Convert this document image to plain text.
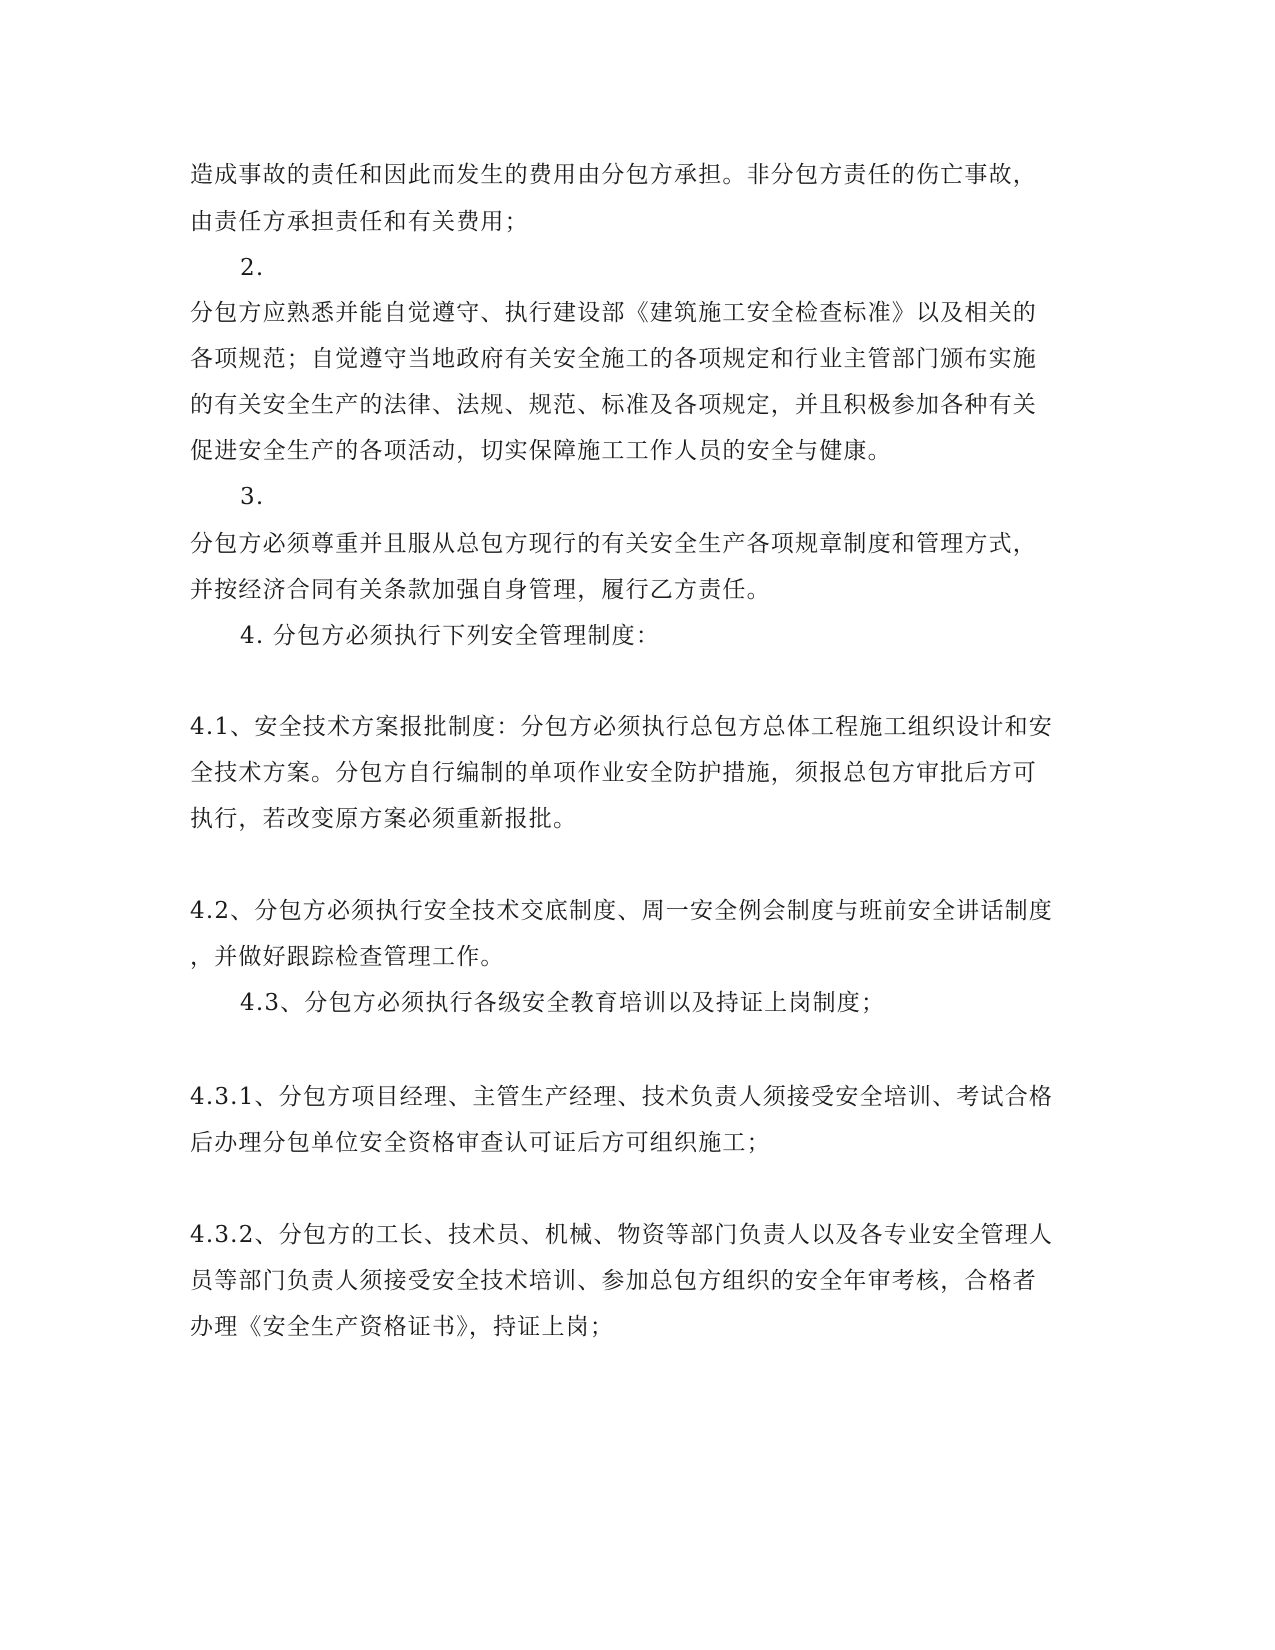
造成事故的责任和因此而发生的费用由分包方承担。非分包方责任的伤亡事故，
由责任方承担责任和有关费用；
2.
分包方应熟悉并能自觉遵守、执行建设部《建筑施工安全检查标准》以及相关的
各项规范；自觉遵守当地政府有关安全施工的各项规定和行业主管部门颁布实施
的有关安全生产的法律、法规、规范、标准及各项规定，并且积极参加各种有关
促进安全生产的各项活动，切实保障施工工作人员的安全与健康。
3.
分包方必须尊重并且服从总包方现行的有关安全生产各项规章制度和管理方式，
并按经济合同有关条款加强自身管理，履行乙方责任。
4. 分包方必须执行下列安全管理制度：
4.1、安全技术方案报批制度：分包方必须执行总包方总体工程施工组织设计和安
全技术方案。分包方自行编制的单项作业安全防护措施，须报总包方审批后方可
执行，若改变原方案必须重新报批。
4.2、分包方必须执行安全技术交底制度、周一安全例会制度与班前安全讲话制度
，并做好跟踪检查管理工作。
4.3、分包方必须执行各级安全教育培训以及持证上岗制度；
4.3.1、分包方项目经理、主管生产经理、技术负责人须接受安全培训、考试合格
后办理分包单位安全资格审查认可证后方可组织施工；
4.3.2、分包方的工长、技术员、机械、物资等部门负责人以及各专业安全管理人
员等部门负责人须接受安全技术培训、参加总包方组织的安全年审考核，合格者
办理《安全生产资格证书》，持证上岗；
